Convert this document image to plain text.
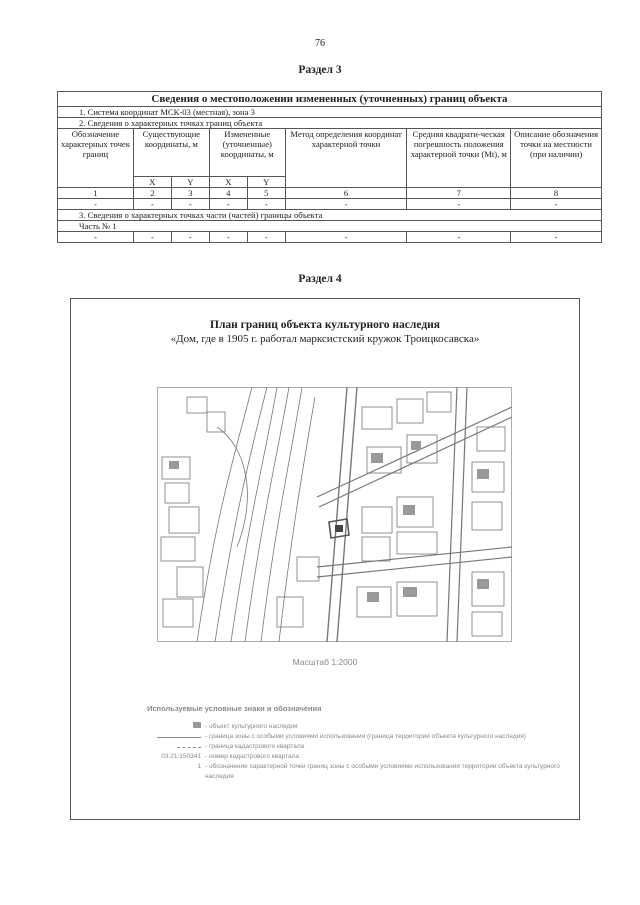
76
Раздел 3
Сведения о местоположении измененных (уточненных) границ объекта							
1. Система координат МСК-03 (местная), зона 3							
2. Сведения о характерных точках границ объекта							
Обозначение характерных точек границ	Существующие координаты, м		Измененные (уточненные) координаты, м		Метод определения координат характерной точки	Средняя квадрати-ческая погрешность положения характерной точки (Mt), м	Описание обозначения точки на местности (при наличии)
	X	Y	X	Y			
1	2	3	4	5	6	7	8
-	-	-	-	-	-	-	-
3. Сведения о характерных точках части (частей) границы объекта							
Часть № 1							
-	-	-	-	-	-	-	-
Раздел 4
План границ объекта культурного наследия
«Дом, где в 1905 г. работал марксистский кружок Троицкосавска»
Масштаб 1:2000
Используемые условные знаки и обозначения
- объект культурного наследия
- граница зоны с особыми условиями использования (граница территории объекта культурного наследия)
- граница кадастрового квартала
03:21:150341 - номер кадастрового квартала
1 - обозначение характерной точки границ зоны с особыми условиями использования территории объекта культурного наследия
